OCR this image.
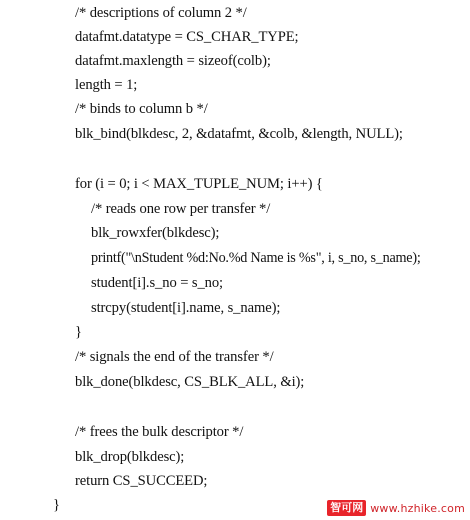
/* descriptions of column 2 */
datafmt.datatype = CS_CHAR_TYPE;
datafmt.maxlength = sizeof(colb);
length = 1;
/* binds to column b */
blk_bind(blkdesc, 2, &datafmt, &colb, &length, NULL);
for (i = 0; i < MAX_TUPLE_NUM; i++) {
/* reads one row per transfer */
blk_rowxfer(blkdesc);
printf("\nStudent %d:No.%d Name is %s", i, s_no, s_name);
student[i].s_no = s_no;
strcpy(student[i].name, s_name);
}
/* signals the end of the transfer */
blk_done(blkdesc, CS_BLK_ALL, &i);
/* frees the bulk descriptor */
blk_drop(blkdesc);
return CS_SUCCEED;
}	智可网 www.hzhike.com
